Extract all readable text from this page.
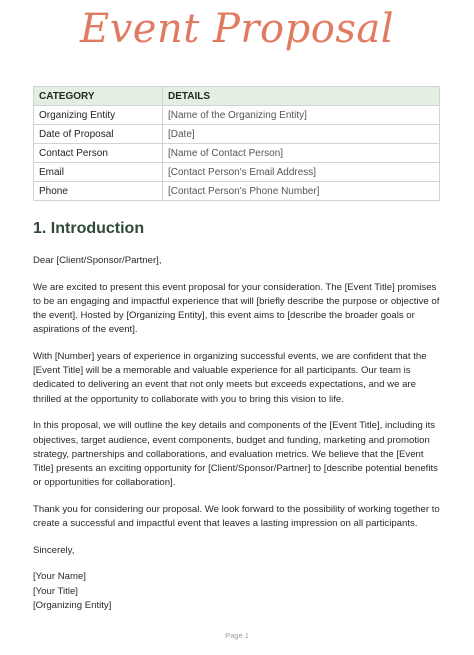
Event Proposal
CATEGORY	DETAILS
Organizing Entity	[Name of the Organizing Entity]
Date of Proposal	[Date]
Contact Person	[Name of Contact Person]
Email	[Contact Person's Email Address]
Phone	[Contact Person's Phone Number]
1. Introduction

Dear [Client/Sponsor/Partner],

We are excited to present this event proposal for your consideration. The [Event Title] promises to be an engaging and impactful experience that will [briefly describe the purpose or objective of the event]. Hosted by [Organizing Entity], this event aims to [describe the broader goals or aspirations of the event].

With [Number] years of experience in organizing successful events, we are confident that the [Event Title] will be a memorable and valuable experience for all participants. Our team is dedicated to delivering an event that not only meets but exceeds expectations, and we are thrilled at the opportunity to collaborate with you to bring this vision to life.

In this proposal, we will outline the key details and components of the [Event Title], including its objectives, target audience, event components, budget and funding, marketing and promotion strategy, partnerships and collaborations, and evaluation metrics. We believe that the [Event Title] presents an exciting opportunity for [Client/Sponsor/Partner] to [describe potential benefits or opportunities for collaboration].

Thank you for considering our proposal. We look forward to the possibility of working together to create a successful and impactful event that leaves a lasting impression on all participants.

Sincerely,

[Your Name]
[Your Title]
[Organizing Entity]
Page 1
